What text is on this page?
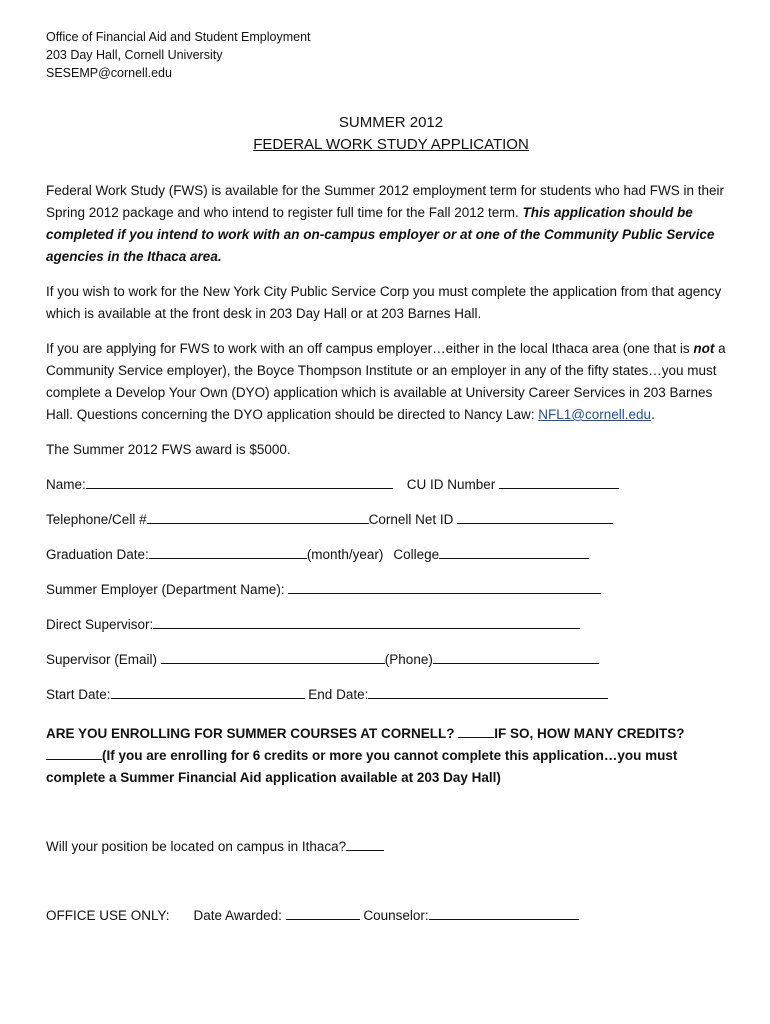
Office of Financial Aid and Student Employment
203 Day Hall, Cornell University
SESEMP@cornell.edu
SUMMER 2012
FEDERAL WORK STUDY APPLICATION

Federal Work Study (FWS) is available for the Summer 2012 employment term for students who had FWS in their Spring 2012 package and who intend to register full time for the Fall 2012 term. This application should be completed if you intend to work with an on-campus employer or at one of the Community Public Service agencies in the Ithaca area.

If you wish to work for the New York City Public Service Corp you must complete the application from that agency which is available at the front desk in 203 Day Hall or at 203 Barnes Hall.

If you are applying for FWS to work with an off campus employer…either in the local Ithaca area (one that is not a Community Service employer), the Boyce Thompson Institute or an employer in any of the fifty states…you must complete a Develop Your Own (DYO) application which is available at University Career Services in 203 Barnes Hall. Questions concerning the DYO application should be directed to Nancy Law: NFL1@cornell.edu.

The Summer 2012 FWS award is $5000.

Name:	CU ID Number
Telephone/Cell #	Cornell Net ID
Graduation Date:	(month/year) College
Summer Employer (Department Name):
Direct Supervisor:
Supervisor (Email)	(Phone)
Start Date:	End Date:

ARE YOU ENROLLING FOR SUMMER COURSES AT CORNELL?	IF SO, HOW MANY CREDITS? (If you are enrolling for 6 credits or more you cannot complete this application…you must complete a Summer Financial Aid application available at 203 Day Hall)

Will your position be located on campus in Ithaca?
OFFICE USE ONLY: Date Awarded:	Counselor:
